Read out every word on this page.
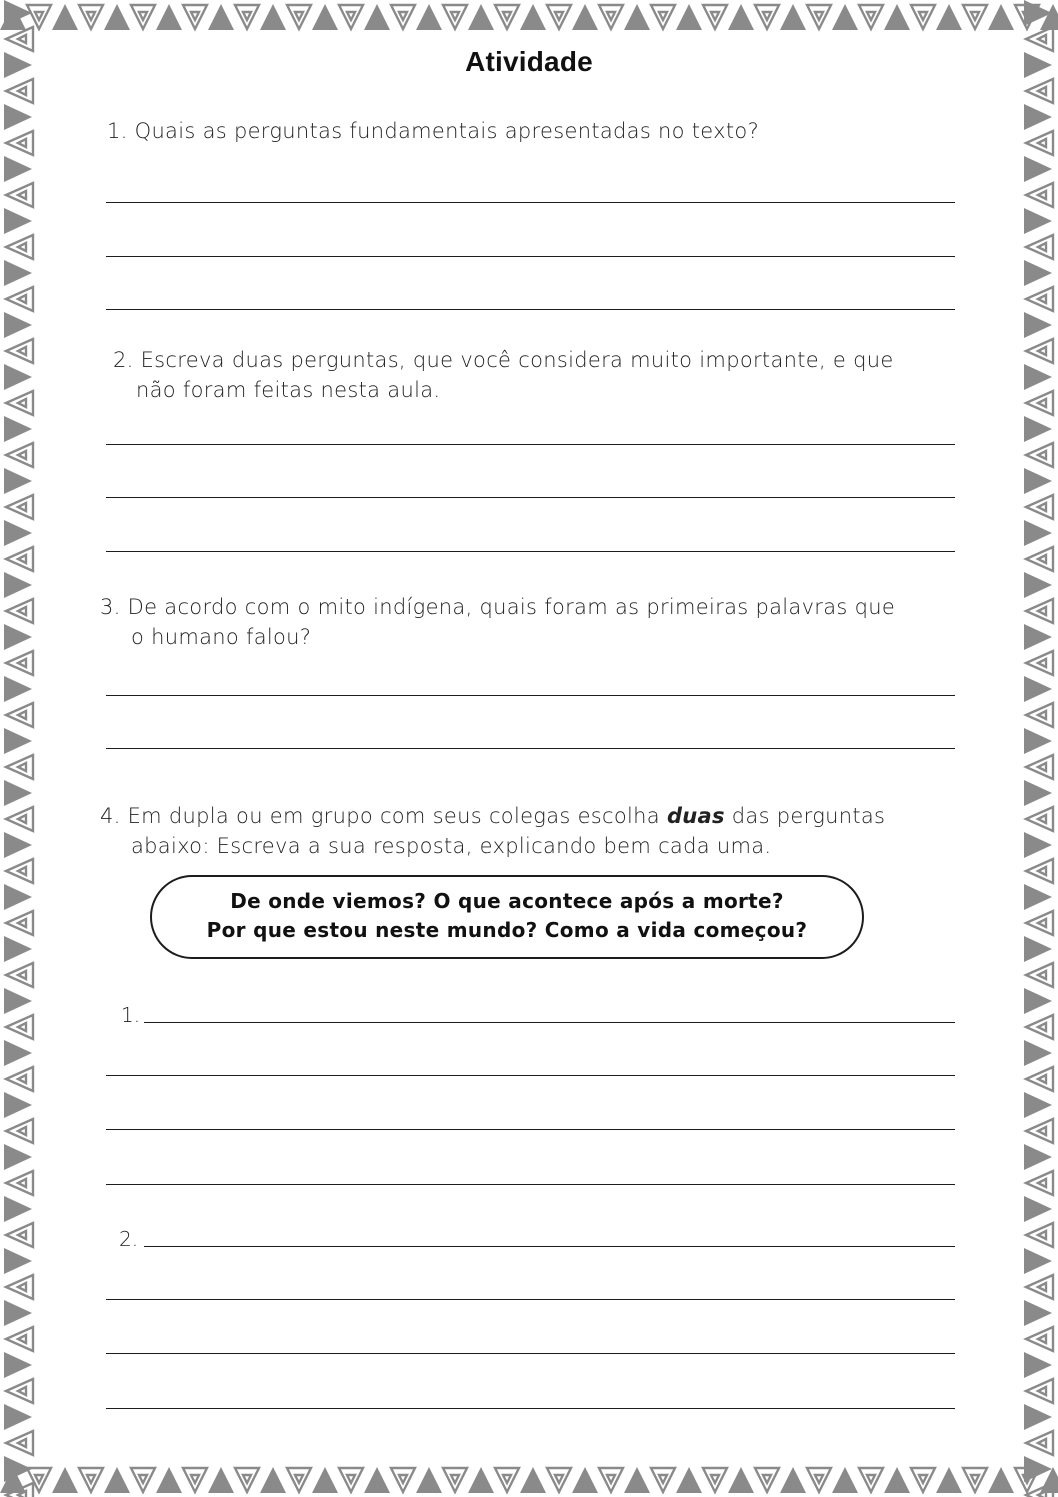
Atividade
1. Quais as perguntas fundamentais apresentadas no texto?
2. Escreva duas perguntas, que você considera muito importante, e que
não foram feitas nesta aula.
3. De acordo com o mito indígena, quais foram as primeiras palavras que
o humano falou?
4. Em dupla ou em grupo com seus colegas escolha duas das perguntas
abaixo: Escreva a sua resposta, explicando bem cada uma.
De onde viemos? O que acontece após a morte?
Por que estou neste mundo? Como a vida começou?
1.
2.
